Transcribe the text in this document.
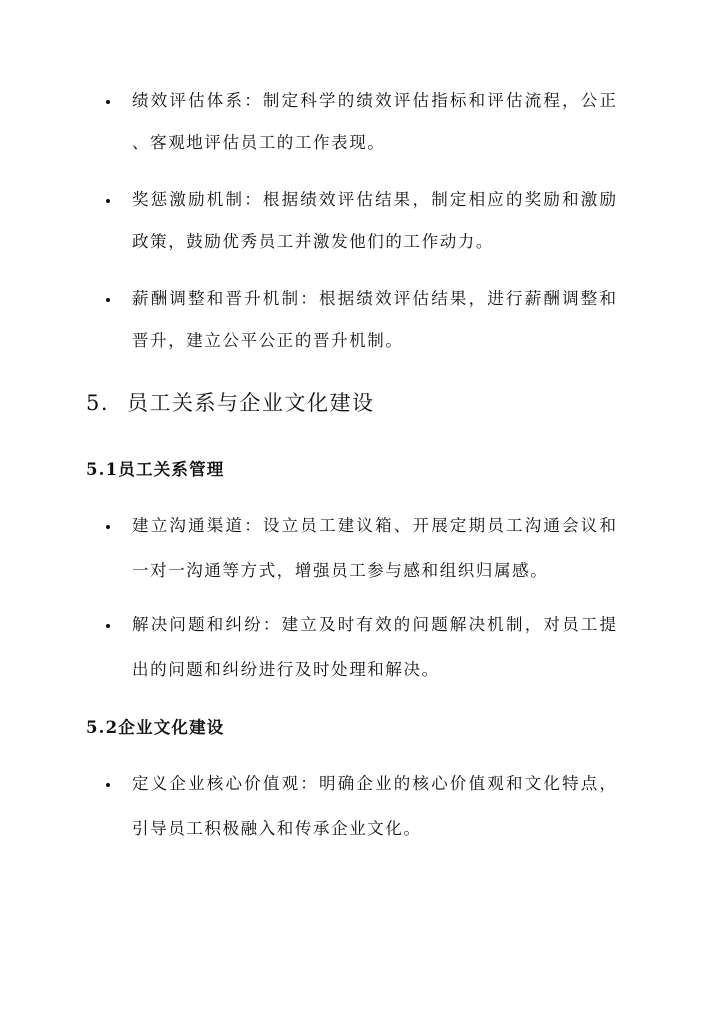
绩效评估体系：制定科学的绩效评估指标和评估流程，公正
、客观地评估员工的工作表现。
奖惩激励机制：根据绩效评估结果，制定相应的奖励和激励
政策，鼓励优秀员工并激发他们的工作动力。
薪酬调整和晋升机制：根据绩效评估结果，进行薪酬调整和
晋升，建立公平公正的晋升机制。
5. 员工关系与企业文化建设
5.1员工关系管理
建立沟通渠道：设立员工建议箱、开展定期员工沟通会议和
一对一沟通等方式，增强员工参与感和组织归属感。
解决问题和纠纷：建立及时有效的问题解决机制，对员工提
出的问题和纠纷进行及时处理和解决。
5.2企业文化建设
定义企业核心价值观：明确企业的核心价值观和文化特点，
引导员工积极融入和传承企业文化。
